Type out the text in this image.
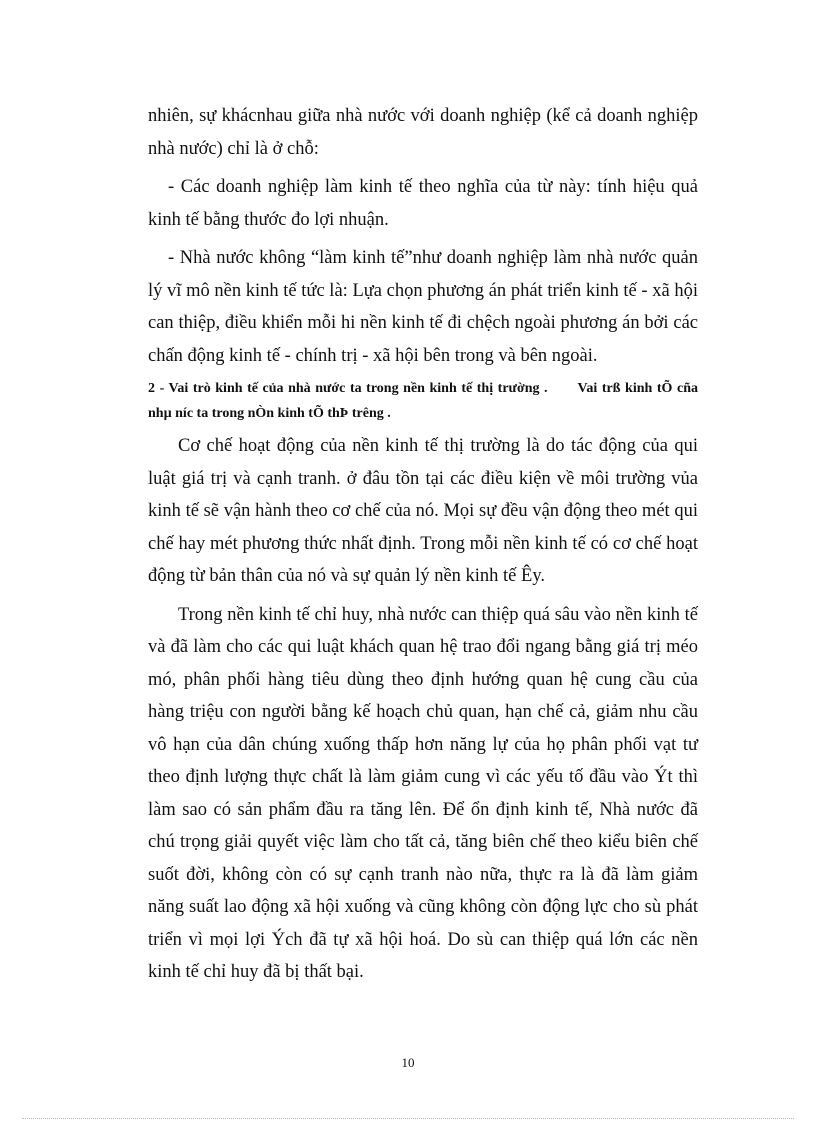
nhiên, sự khácnhau giữa nhà nước với doanh nghiệp (kể cả doanh nghiệp nhà nước) chỉ là ở chỗ:

- Các doanh nghiệp làm kinh tế theo nghĩa của từ này: tính hiệu quả kinh tế bằng thước đo lợi nhuận.

- Nhà nước không “làm kinh tế”như doanh nghiệp làm nhà nước quản lý vĩ mô nền kinh tế tức là: Lựa chọn phương án phát triển kinh tế - xã hội can thiệp, điều khiển mỗi hi nền kinh tế đi chệch ngoài phương án bởi các chấn động kinh tế - chính trị - xã hội bên trong và bên ngoài.

2 - Vai trò kinh tế của nhà nước ta trong nền kinh tế thị trường . Vai trß kinh tÕ cña nhµ níc ta trong nÒn kinh tÕ thÞ trêng .

Cơ chế hoạt động của nền kinh tế thị trường là do tác động của qui luật giá trị và cạnh tranh. ở đâu tồn tại các điều kiện về môi trường vủa kinh tế sẽ vận hành theo cơ chế của nó. Mọi sự đều vận động theo mét qui chế hay mét phương thức nhất định. Trong mỗi nền kinh tế có cơ chế hoạt động từ bản thân của nó và sự quản lý nền kinh tế Êy.

Trong nền kinh tế chỉ huy, nhà nước can thiệp quá sâu vào nền kinh tế và đã làm cho các qui luật khách quan hệ trao đổi ngang bằng giá trị méo mó, phân phối hàng tiêu dùng theo định hướng quan hệ cung cầu của hàng triệu con người bằng kế hoạch chủ quan, hạn chế cả, giảm nhu cầu vô hạn của dân chúng xuống thấp hơn năng lự của họ phân phối vạt tư theo định lượng thực chất là làm giảm cung vì các yếu tố đầu vào Ýt thì làm sao có sản phẩm đầu ra tăng lên. Để ổn định kinh tế, Nhà nước đã chú trọng giải quyết việc làm cho tất cả, tăng biên chế theo kiểu biên chế suốt đời, không còn có sự cạnh tranh nào nữa, thực ra là đã làm giảm năng suất lao động xã hội xuống và cũng không còn động lực cho sù phát triển vì mọi lợi Ých đã tự xã hội hoá. Do sù can thiệp quá lớn các nền kinh tế chỉ huy đã bị thất bại.

10
